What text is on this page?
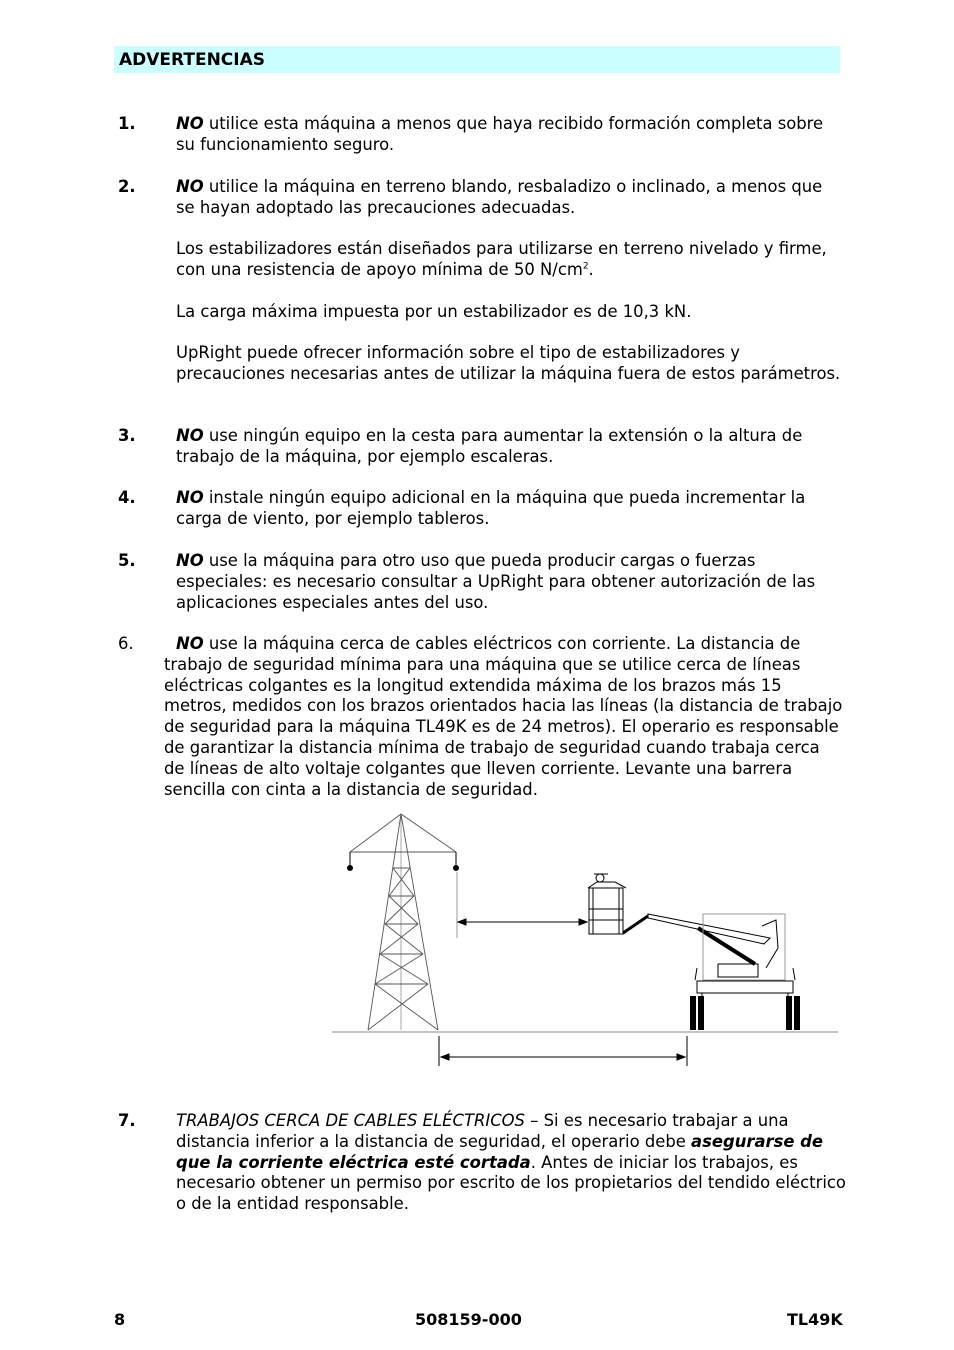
ADVERTENCIAS
1. NO utilice esta máquina a menos que haya recibido formación completa sobre su funcionamiento seguro.

2. NO utilice la máquina en terreno blando, resbaladizo o inclinado, a menos que se hayan adoptado las precauciones adecuadas.

Los estabilizadores están diseñados para utilizarse en terreno nivelado y firme, con una resistencia de apoyo mínima de 50 $N/cm^2$.

La carga máxima impuesta por un estabilizador es de 10,3 kN.

UpRight puede ofrecer información sobre el tipo de estabilizadores y precauciones necesarias antes de utilizar la máquina fuera de estos parámetros.

3. NO use ningún equipo en la cesta para aumentar la extensión o la altura de trabajo de la máquina, por ejemplo escaleras.

4. NO instale ningún equipo adicional en la máquina que pueda incrementar la carga de viento, por ejemplo tableros.

5. NO use la máquina para otro uso que pueda producir cargas o fuerzas especiales: es necesario consultar a UpRight para obtener autorización de las aplicaciones especiales antes del uso.

6.	NO use la máquina cerca de cables eléctricos con corriente. La distancia de trabajo de seguridad mínima para una máquina que se utilice cerca de líneas eléctricas colgantes es la longitud extendida máxima de los brazos más 15 metros, medidos con los brazos orientados hacia las líneas (la distancia de trabajo de seguridad para la máquina TL49K es de 24 metros). El operario es responsable de garantizar la distancia mínima de trabajo de seguridad cuando trabaja cerca de líneas de alto voltaje colgantes que lleven corriente. Levante una barrera sencilla con cinta a la distancia de seguridad.

7. TRABAJOS CERCA DE CABLES ELÉCTRICOS – Si es necesario trabajar a una distancia inferior a la distancia de seguridad, el operario debe asegurarse de que la corriente eléctrica esté cortada. Antes de iniciar los trabajos, es necesario obtener un permiso por escrito de los propietarios del tendido eléctrico o de la entidad responsable.

8	508159-000	TL49K
